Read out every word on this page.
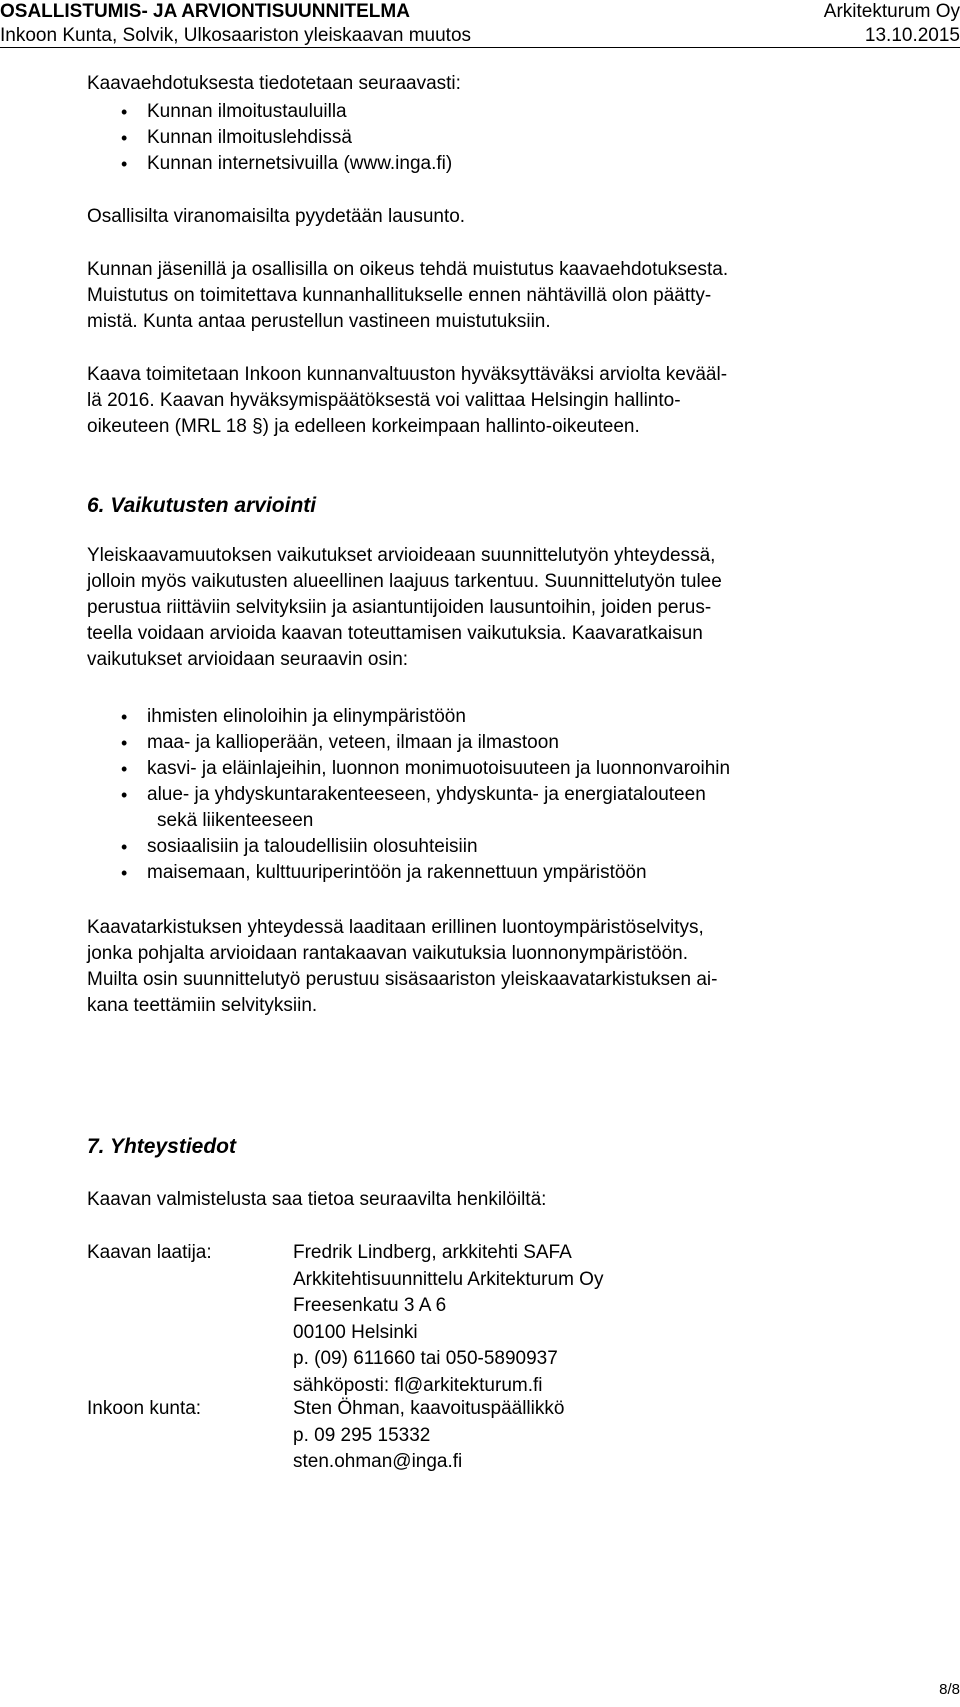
OSALLISTUMIS- JA ARVIONTISUUNNITELMA	Arkitekturum Oy
Inkoon Kunta, Solvik, Ulkosaariston yleiskaavan muutos	13.10.2015

Kaavaehdotuksesta tiedotetaan seuraavasti:

• Kunnan ilmoitustauluilla
• Kunnan ilmoituslehdissä
• Kunnan internetsivuilla (www.inga.fi)

Osallisilta viranomaisilta pyydetään lausunto.

Kunnan jäsenillä ja osallisilla on oikeus tehdä muistutus kaavaehdotuksesta.
Muistutus on toimitettava kunnanhallitukselle ennen nähtävillä olon päätty-
mistä. Kunta antaa perustellun vastineen muistutuksiin.
Kaava toimitetaan Inkoon kunnanvaltuuston hyväksyttäväksi arviolta kevääl-
lä 2016. Kaavan hyväksymispäätöksestä voi valittaa Helsingin hallinto-
oikeuteen (MRL 18 §) ja edelleen korkeimpaan hallinto-oikeuteen.
6. Vaikutusten arviointi
Yleiskaavamuutoksen vaikutukset arvioideaan suunnittelutyön yhteydessä,
jolloin myös vaikutusten alueellinen laajuus tarkentuu. Suunnittelutyön tulee
perustua riittäviin selvityksiin ja asiantuntijoiden lausuntoihin, joiden perus-
teella voidaan arvioida kaavan toteuttamisen vaikutuksia. Kaavaratkaisun
vaikutukset arvioidaan seuraavin osin:
• ihmisten elinoloihin ja elinympäristöön
• maa- ja kallioperään, veteen, ilmaan ja ilmastoon
• kasvi- ja eläinlajeihin, luonnon monimuotoisuuteen ja luonnonvaroihin
• alue- ja yhdyskuntarakenteeseen, yhdyskunta- ja energiatalouteen
sekä liikenteeseen
• sosiaalisiin ja taloudellisiin olosuhteisiin
• maisemaan, kulttuuriperintöön ja rakennettuun ympäristöön
Kaavatarkistuksen yhteydessä laaditaan erillinen luontoympäristöselvitys,
jonka pohjalta arvioidaan rantakaavan vaikutuksia luonnonympäristöön.
Muilta osin suunnittelutyö perustuu sisäsaariston yleiskaavatarkistuksen ai-
kana teettämiin selvityksiin.
7. Yhteystiedot

Kaavan valmistelusta saa tietoa seuraavilta henkilöiltä:

Kaavan laatija:	Fredrik Lindberg, arkkitehti SAFA
Arkkitehtisuunnittelu Arkitekturum Oy
Freesenkatu 3 A 6
00100 Helsinki
p. (09) 611660 tai 050-5890937
sähköposti: fl@arkitekturum.fi
Inkoon kunta:	Sten Öhman, kaavoituspäällikkö
p. 09 295 15332
sten.ohman@inga.fi
8/8
